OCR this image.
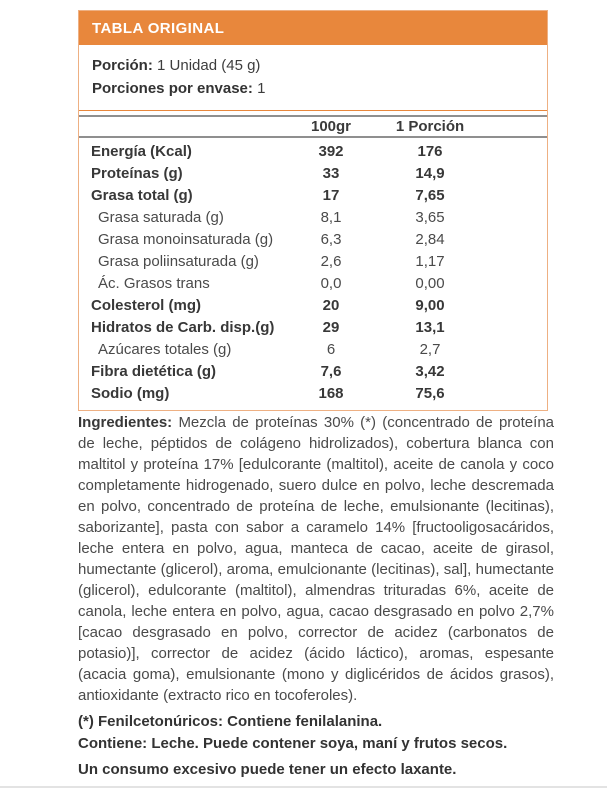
TABLA ORIGINAL
Porción: 1 Unidad (45 g)
Porciones por envase: 1
100gr	1 Porción
Energía (Kcal)	392	176
Proteínas (g)	33	14,9
Grasa total (g)	17	7,65
Grasa saturada (g)	8,1	3,65
Grasa monoinsaturada (g)	6,3	2,84
Grasa poliinsaturada (g)	2,6	1,17
Ác. Grasos trans	0,0	0,00
Colesterol (mg)	20	9,00
Hidratos de Carb. disp.(g)	29	13,1
Azúcares totales (g)	6	2,7
Fibra dietética (g)	7,6	3,42
Sodio (mg)	168	75,6

Ingredientes: Mezcla de proteínas 30% (*) (concentrado de proteína de leche, péptidos de colágeno hidrolizados), cobertura blanca con maltitol y proteína 17% [edulcorante (maltitol), aceite de canola y coco completamente hidrogenado, suero dulce en polvo, leche descremada en polvo, concentrado de proteína de leche, emulsionante (lecitinas), saborizante], pasta con sabor a caramelo 14% [fructooligosacáridos, leche entera en polvo, agua, manteca de cacao, aceite de girasol, humectante (glicerol), aroma, emulcionante (lecitinas), sal], humectante (glicerol), edulcorante (maltitol), almendras trituradas 6%, aceite de canola, leche entera en polvo, agua, cacao desgrasado en polvo 2,7% [cacao desgrasado en polvo, corrector de acidez (carbonatos de potasio)], corrector de acidez (ácido láctico), aromas, espesante (acacia goma), emulsionante (mono y diglicéridos de ácidos grasos), antioxidante (extracto rico en tocoferoles).

(*) Fenilcetonúricos: Contiene fenilalanina.
Contiene: Leche. Puede contener soya, maní y frutos secos.
Un consumo excesivo puede tener un efecto laxante.
